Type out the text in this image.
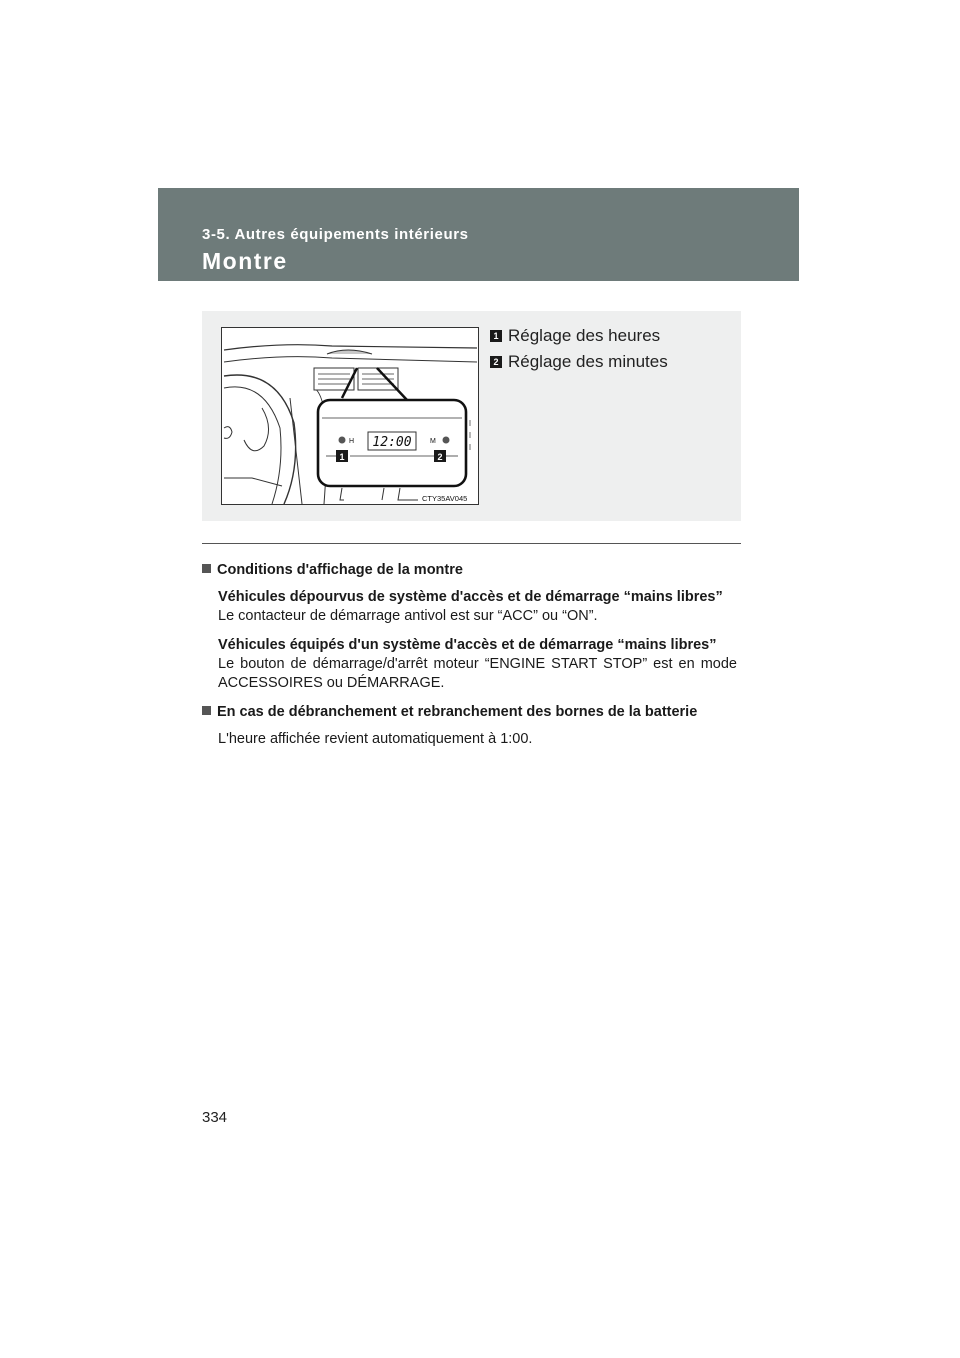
3-5. Autres équipements intérieurs
Montre
12:00
H	M
1	2
CTY35AV045
1 Réglage des heures
2 Réglage des minutes
Conditions d'affichage de la montre
Véhicules dépourvus de système d'accès et de démarrage “mains libres”
Le contacteur de démarrage antivol est sur “ACC” ou “ON”.
Véhicules équipés d'un système d'accès et de démarrage “mains libres”
Le bouton de démarrage/d'arrêt moteur “ENGINE START STOP” est en mode ACCESSOIRES ou DÉMARRAGE.
En cas de débranchement et rebranchement des bornes de la batterie
L'heure affichée revient automatiquement à 1:00.
334
